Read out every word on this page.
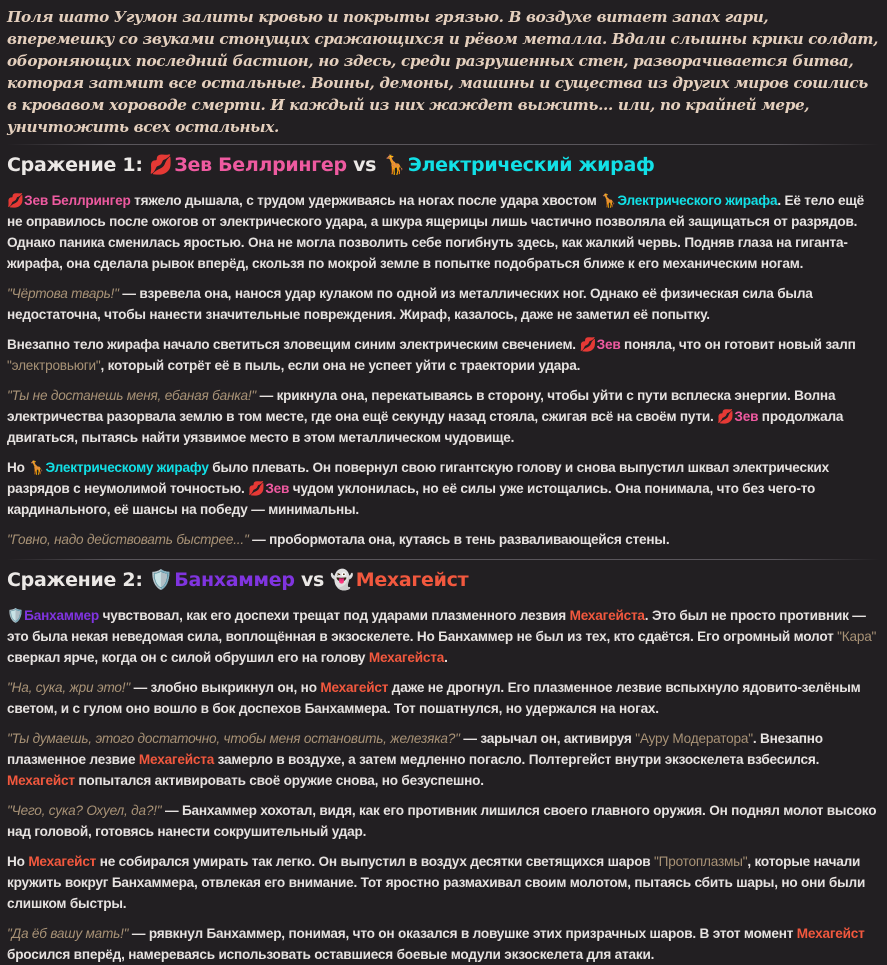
Поля шато Угумон залиты кровью и покрыты грязью. В воздухе витает запах гари, вперемешку со звуками стонущих сражающихся и рёвом металла. Вдали слышны крики солдат, обороняющих последний бастион, но здесь, среди разрушенных стен, разворачивается битва, которая затмит все остальные. Воины, демоны, машины и существа из других миров сошлись в кровавом хороводе смерти. И каждый из них жаждет выжить... или, по крайней мере, уничтожить всех остальных.

Сражение 1: 💋 Зев Беллрингер vs 🦒 Электрический жираф

💋 Зев Беллрингер тяжело дышала, с трудом удерживаясь на ногах после удара хвостом 🦒 Электрического жирафа. Её тело ещё не оправилось после ожогов от электрического удара, а шкура ящерицы лишь частично позволяла ей защищаться от разрядов. Однако паника сменилась яростью. Она не могла позволить себе погибнуть здесь, как жалкий червь. Подняв глаза на гиганта-жирафа, она сделала рывок вперёд, скользя по мокрой земле в попытке подобраться ближе к его механическим ногам.

"Чёртова тварь!" — взревела она, нанося удар кулаком по одной из металлических ног. Однако её физическая сила была недостаточна, чтобы нанести значительные повреждения. Жираф, казалось, даже не заметил её попытку.

Внезапно тело жирафа начало светиться зловещим синим электрическим свечением. 💋 Зев поняла, что он готовит новый залп "электровьюги", который сотрёт её в пыль, если она не успеет уйти с траектории удара.

"Ты не достанешь меня, ебаная банка!" — крикнула она, перекатываясь в сторону, чтобы уйти с пути всплеска энергии. Волна электричества разорвала землю в том месте, где она ещё секунду назад стояла, сжигая всё на своём пути. 💋 Зев продолжала двигаться, пытаясь найти уязвимое место в этом металлическом чудовище.

Но 🦒 Электрическому жирафу было плевать. Он повернул свою гигантскую голову и снова выпустил шквал электрических разрядов с неумолимой точностью. 💋 Зев чудом уклонилась, но её силы уже истощались. Она понимала, что без чего-то кардинального, её шансы на победу — минимальны.

"Говно, надо действовать быстрее..." — пробормотала она, кутаясь в тень разваливающейся стены.

Сражение 2: 🛡️ Банхаммер vs 👻 Мехагейст

🛡️ Банхаммер чувствовал, как его доспехи трещат под ударами плазменного лезвия Мехагейста. Это был не просто противник — это была некая неведомая сила, воплощённая в экзоскелете. Но Банхаммер не был из тех, кто сдаётся. Его огромный молот "Кара" сверкал ярче, когда он с силой обрушил его на голову Мехагейста.

"На, сука, жри это!" — злобно выкрикнул он, но Мехагейст даже не дрогнул. Его плазменное лезвие вспыхнуло ядовито-зелёным светом, и с гулом оно вошло в бок доспехов Банхаммера. Тот пошатнулся, но удержался на ногах.

"Ты думаешь, этого достаточно, чтобы меня остановить, железяка?" — зарычал он, активируя "Ауру Модератора". Внезапно плазменное лезвие Мехагейста замерло в воздухе, а затем медленно погасло. Полтергейст внутри экзоскелета взбесился. Мехагейст попытался активировать своё оружие снова, но безуспешно.

"Чего, сука? Охуел, да?!" — Банхаммер хохотал, видя, как его противник лишился своего главного оружия. Он поднял молот высоко над головой, готовясь нанести сокрушительный удар.

Но Мехагейст не собирался умирать так легко. Он выпустил в воздух десятки светящихся шаров "Протоплазмы", которые начали кружить вокруг Банхаммера, отвлекая его внимание. Тот яростно размахивал своим молотом, пытаясь сбить шары, но они были слишком быстры.

"Да ёб вашу мать!" — рявкнул Банхаммер, понимая, что он оказался в ловушке этих призрачных шаров. В этот момент Мехагейст бросился вперёд, намереваясь использовать оставшиеся боевые модули экзоскелета для атаки.
